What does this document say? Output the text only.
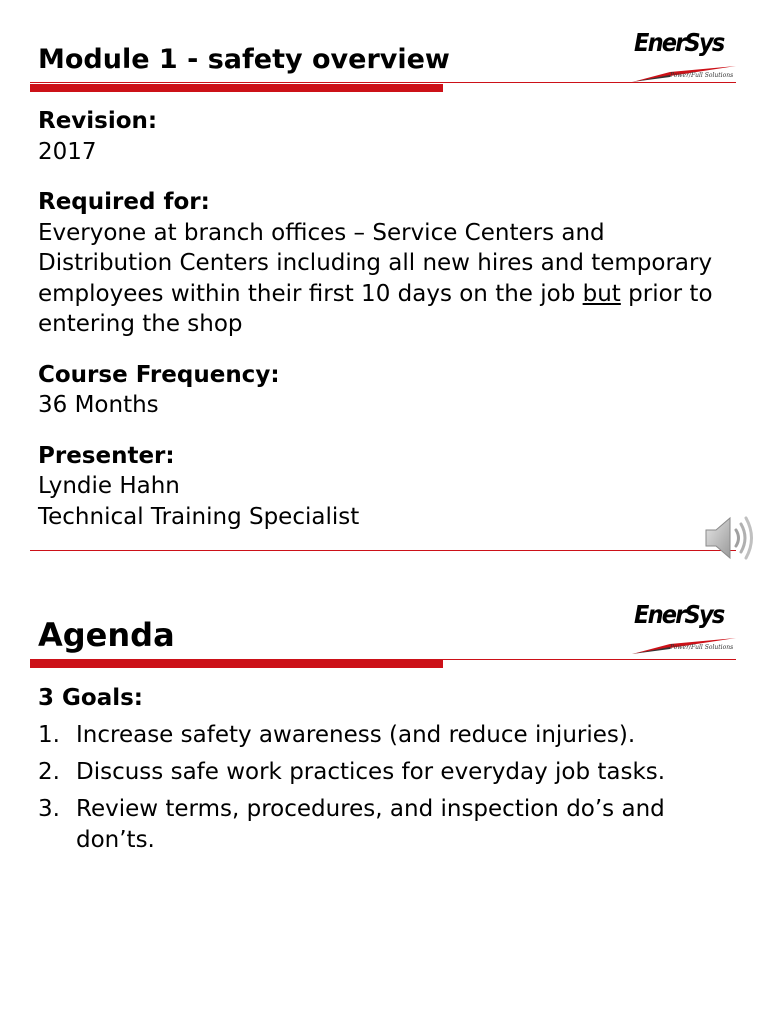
Module 1 - safety overview
EnerSys
Power/Full Solutions
Revision:
2017
Required for:
Everyone at branch offices – Service Centers and Distribution Centers including all new hires and temporary employees within their first 10 days on the job but prior to entering the shop
Course Frequency:
36 Months
Presenter:
Lyndie Hahn
Technical Training Specialist
Agenda
EnerSys
Power/Full Solutions
3 Goals:
1. Increase safety awareness (and reduce injuries).
2. Discuss safe work practices for everyday job tasks.
3. Review terms, procedures, and inspection do’s and don’ts.
